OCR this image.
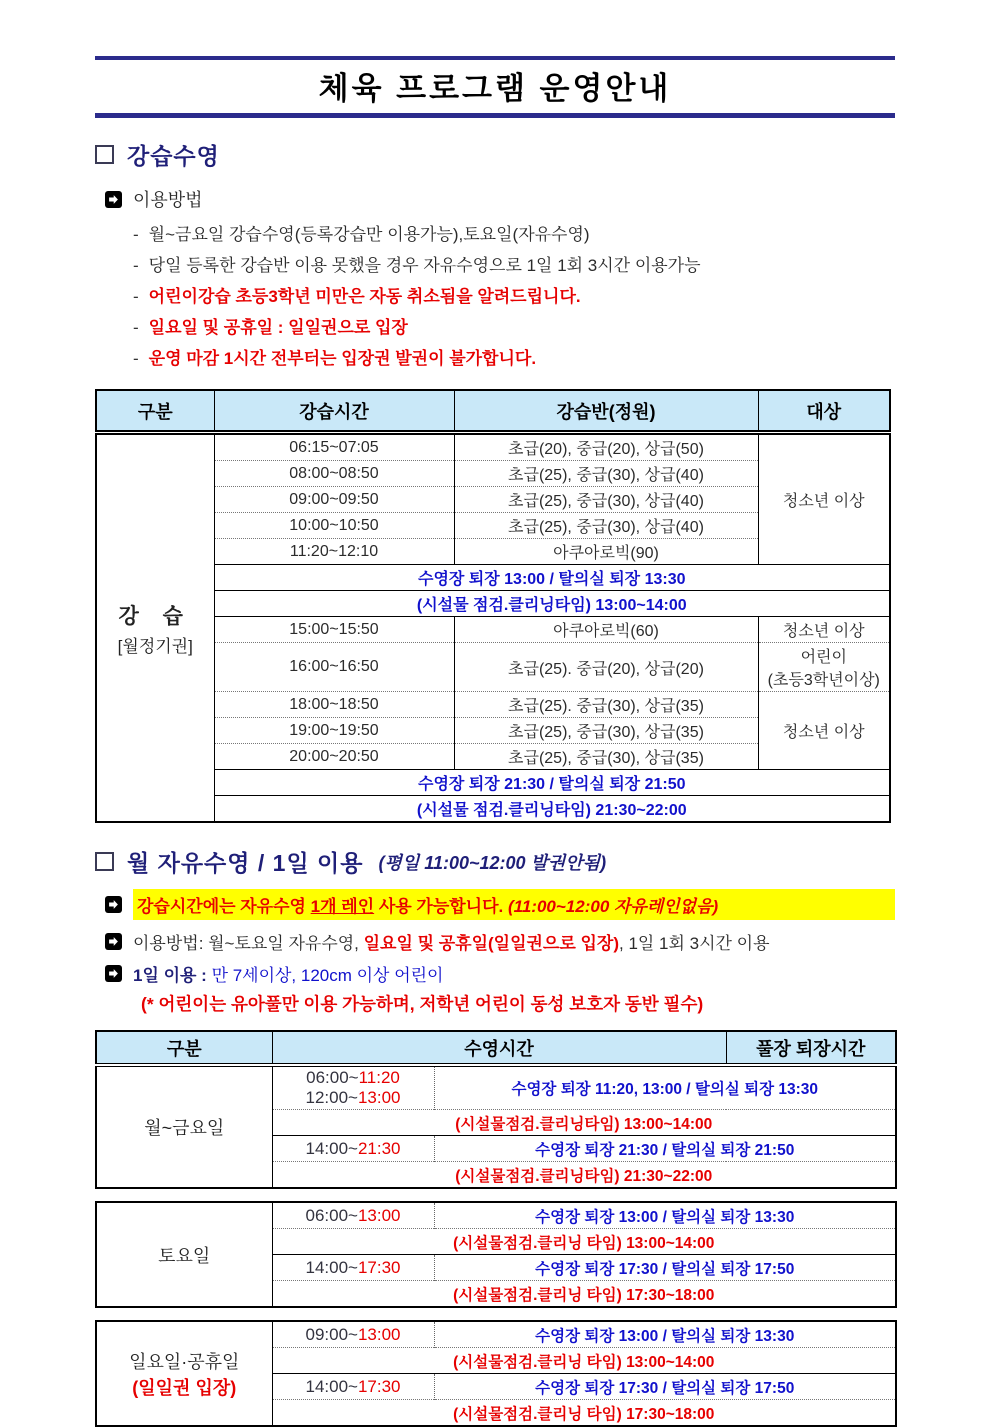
체육 프로그램 운영안내
강습수영
이용방법
- 월~금요일 강습수영(등록강습만 이용가능),토요일(자유수영)
- 당일 등록한 강습반 이용 못했을 경우 자유수영으로 1일 1회 3시간 이용가능
- 어린이강습 초등3학년 미만은 자동 취소됨을 알려드립니다.
- 일요일 및 공휴일 : 일일권으로 입장
- 운영 마감 1시간 전부터는 입장권 발권이 불가합니다.
구분	강습시간	강습반(정원)	대상

강 습
[월정기권]	06:15~07:05	초급(20), 중급(20), 상급(50)	청소년 이상
	08:00~08:50	초급(25), 중급(30), 상급(40)	
	09:00~09:50	초급(25), 중급(30), 상급(40)	
	10:00~10:50	초급(25), 중급(30), 상급(40)	
	11:20~12:10	아쿠아로빅(90)	
	수영장 퇴장 13:00 / 탈의실 퇴장 13:30		
	(시설물 점검.클리닝타임) 13:00~14:00		
	15:00~15:50	아쿠아로빅(60)	청소년 이상
	16:00~16:50	초급(25). 중급(20), 상급(20)	어린이
(초등3학년이상)

	18:00~18:50	초급(25). 중급(30), 상급(35)	청소년 이상
	19:00~19:50	초급(25), 중급(30), 상급(35)	
	20:00~20:50	초급(25), 중급(30), 상급(35)	
	수영장 퇴장 21:30 / 탈의실 퇴장 21:50		
	(시설물 점검.클리닝타임) 21:30~22:00		
월 자유수영 / 1일 이용 (평일 11:00~12:00 발권안됨)
강습시간에는 자유수영 1개 레인 사용 가능합니다. (11:00~12:00 자유레인없음)
이용방법: 월~토요일 자유수영, 일요일 및 공휴일(일일권으로 입장), 1일 1회 3시간 이용
1일 이용 : 만 7세이상, 120cm 이상 어린이
(* 어린이는 유아풀만 이용 가능하며, 저학년 어린이 동성 보호자 동반 필수)
구분	수영시간		풀장 퇴장시간
월~금요일	06:00~11:20
12:00~13:00	수영장 퇴장 11:20, 13:00 / 탈의실 퇴장 13:30	
	(시설물점검.클리닝타임) 13:00~14:00		
	14:00~21:30	수영장 퇴장 21:30 / 탈의실 퇴장 21:50	
	(시설물점검.클리닝타임) 21:30~22:00		
토요일	06:00~13:00	수영장 퇴장 13:00 / 탈의실 퇴장 13:30
	(시설물점검.클리닝 타임) 13:00~14:00	
	14:00~17:30	수영장 퇴장 17:30 / 탈의실 퇴장 17:50
	(시설물점검.클리닝 타임) 17:30~18:00	
일요일·공휴일
(일일권 입장)	09:00~13:00	수영장 퇴장 13:00 / 탈의실 퇴장 13:30
	(시설물점검.클리닝 타임) 13:00~14:00	
	14:00~17:30	수영장 퇴장 17:30 / 탈의실 퇴장 17:50
	(시설물점검.클리닝 타임) 17:30~18:00	
